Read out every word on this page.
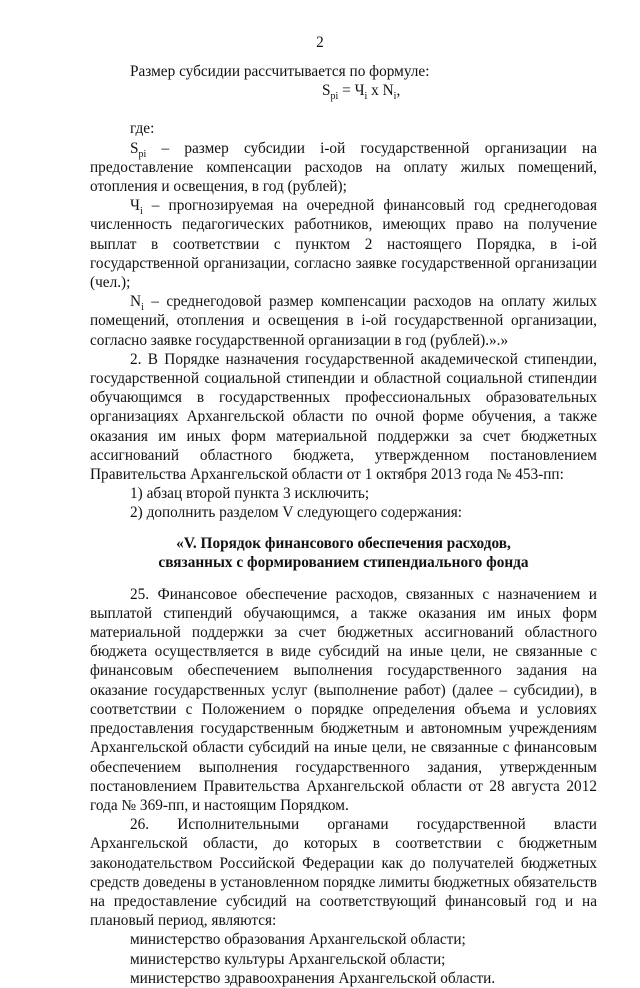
2

Размер субсидии рассчитывается по формуле:

$S_{pi} = Ч_i$ x $N_i$,

где:

$S_{pi}$ – размер субсидии i-ой государственной организации на предоставление компенсации расходов на оплату жилых помещений, отопления и освещения, в год (рублей);

$Ч_i$ – прогнозируемая на очередной финансовый год среднегодовая численность педагогических работников, имеющих право на получение выплат в соответствии с пунктом 2 настоящего Порядка, в i-ой государственной организации, согласно заявке государственной организации (чел.);

$N_i$ – среднегодовой размер компенсации расходов на оплату жилых помещений, отопления и освещения в i-ой государственной организации, согласно заявке государственной организации в год (рублей).».»

2. В Порядке назначения государственной академической стипендии, государственной социальной стипендии и областной социальной стипендии обучающимся в государственных профессиональных образовательных организациях Архангельской области по очной форме обучения, а также оказания им иных форм материальной поддержки за счет бюджетных ассигнований областного бюджета, утвержденном постановлением Правительства Архангельской области от 1 октября 2013 года № 453-пп:

1) абзац второй пункта 3 исключить;

2) дополнить разделом V следующего содержания:

«V. Порядок финансового обеспечения расходов,
связанных с формированием стипендиального фонда

25. Финансовое обеспечение расходов, связанных с назначением и выплатой стипендий обучающимся, а также оказания им иных форм материальной поддержки за счет бюджетных ассигнований областного бюджета осуществляется в виде субсидий на иные цели, не связанные с финансовым обеспечением выполнения государственного задания на оказание государственных услуг (выполнение работ) (далее – субсидии), в соответствии с Положением о порядке определения объема и условиях предоставления государственным бюджетным и автономным учреждениям Архангельской области субсидий на иные цели, не связанные с финансовым обеспечением выполнения государственного задания, утвержденным постановлением Правительства Архангельской области от 28 августа 2012 года № 369-пп, и настоящим Порядком.

26. Исполнительными органами государственной власти Архангельской области, до которых в соответствии с бюджетным законодательством Российской Федерации как до получателей бюджетных средств доведены в установленном порядке лимиты бюджетных обязательств на предоставление субсидий на соответствующий финансовый год и на плановый период, являются:

министерство образования Архангельской области;

министерство культуры Архангельской области;

министерство здравоохранения Архангельской области.
